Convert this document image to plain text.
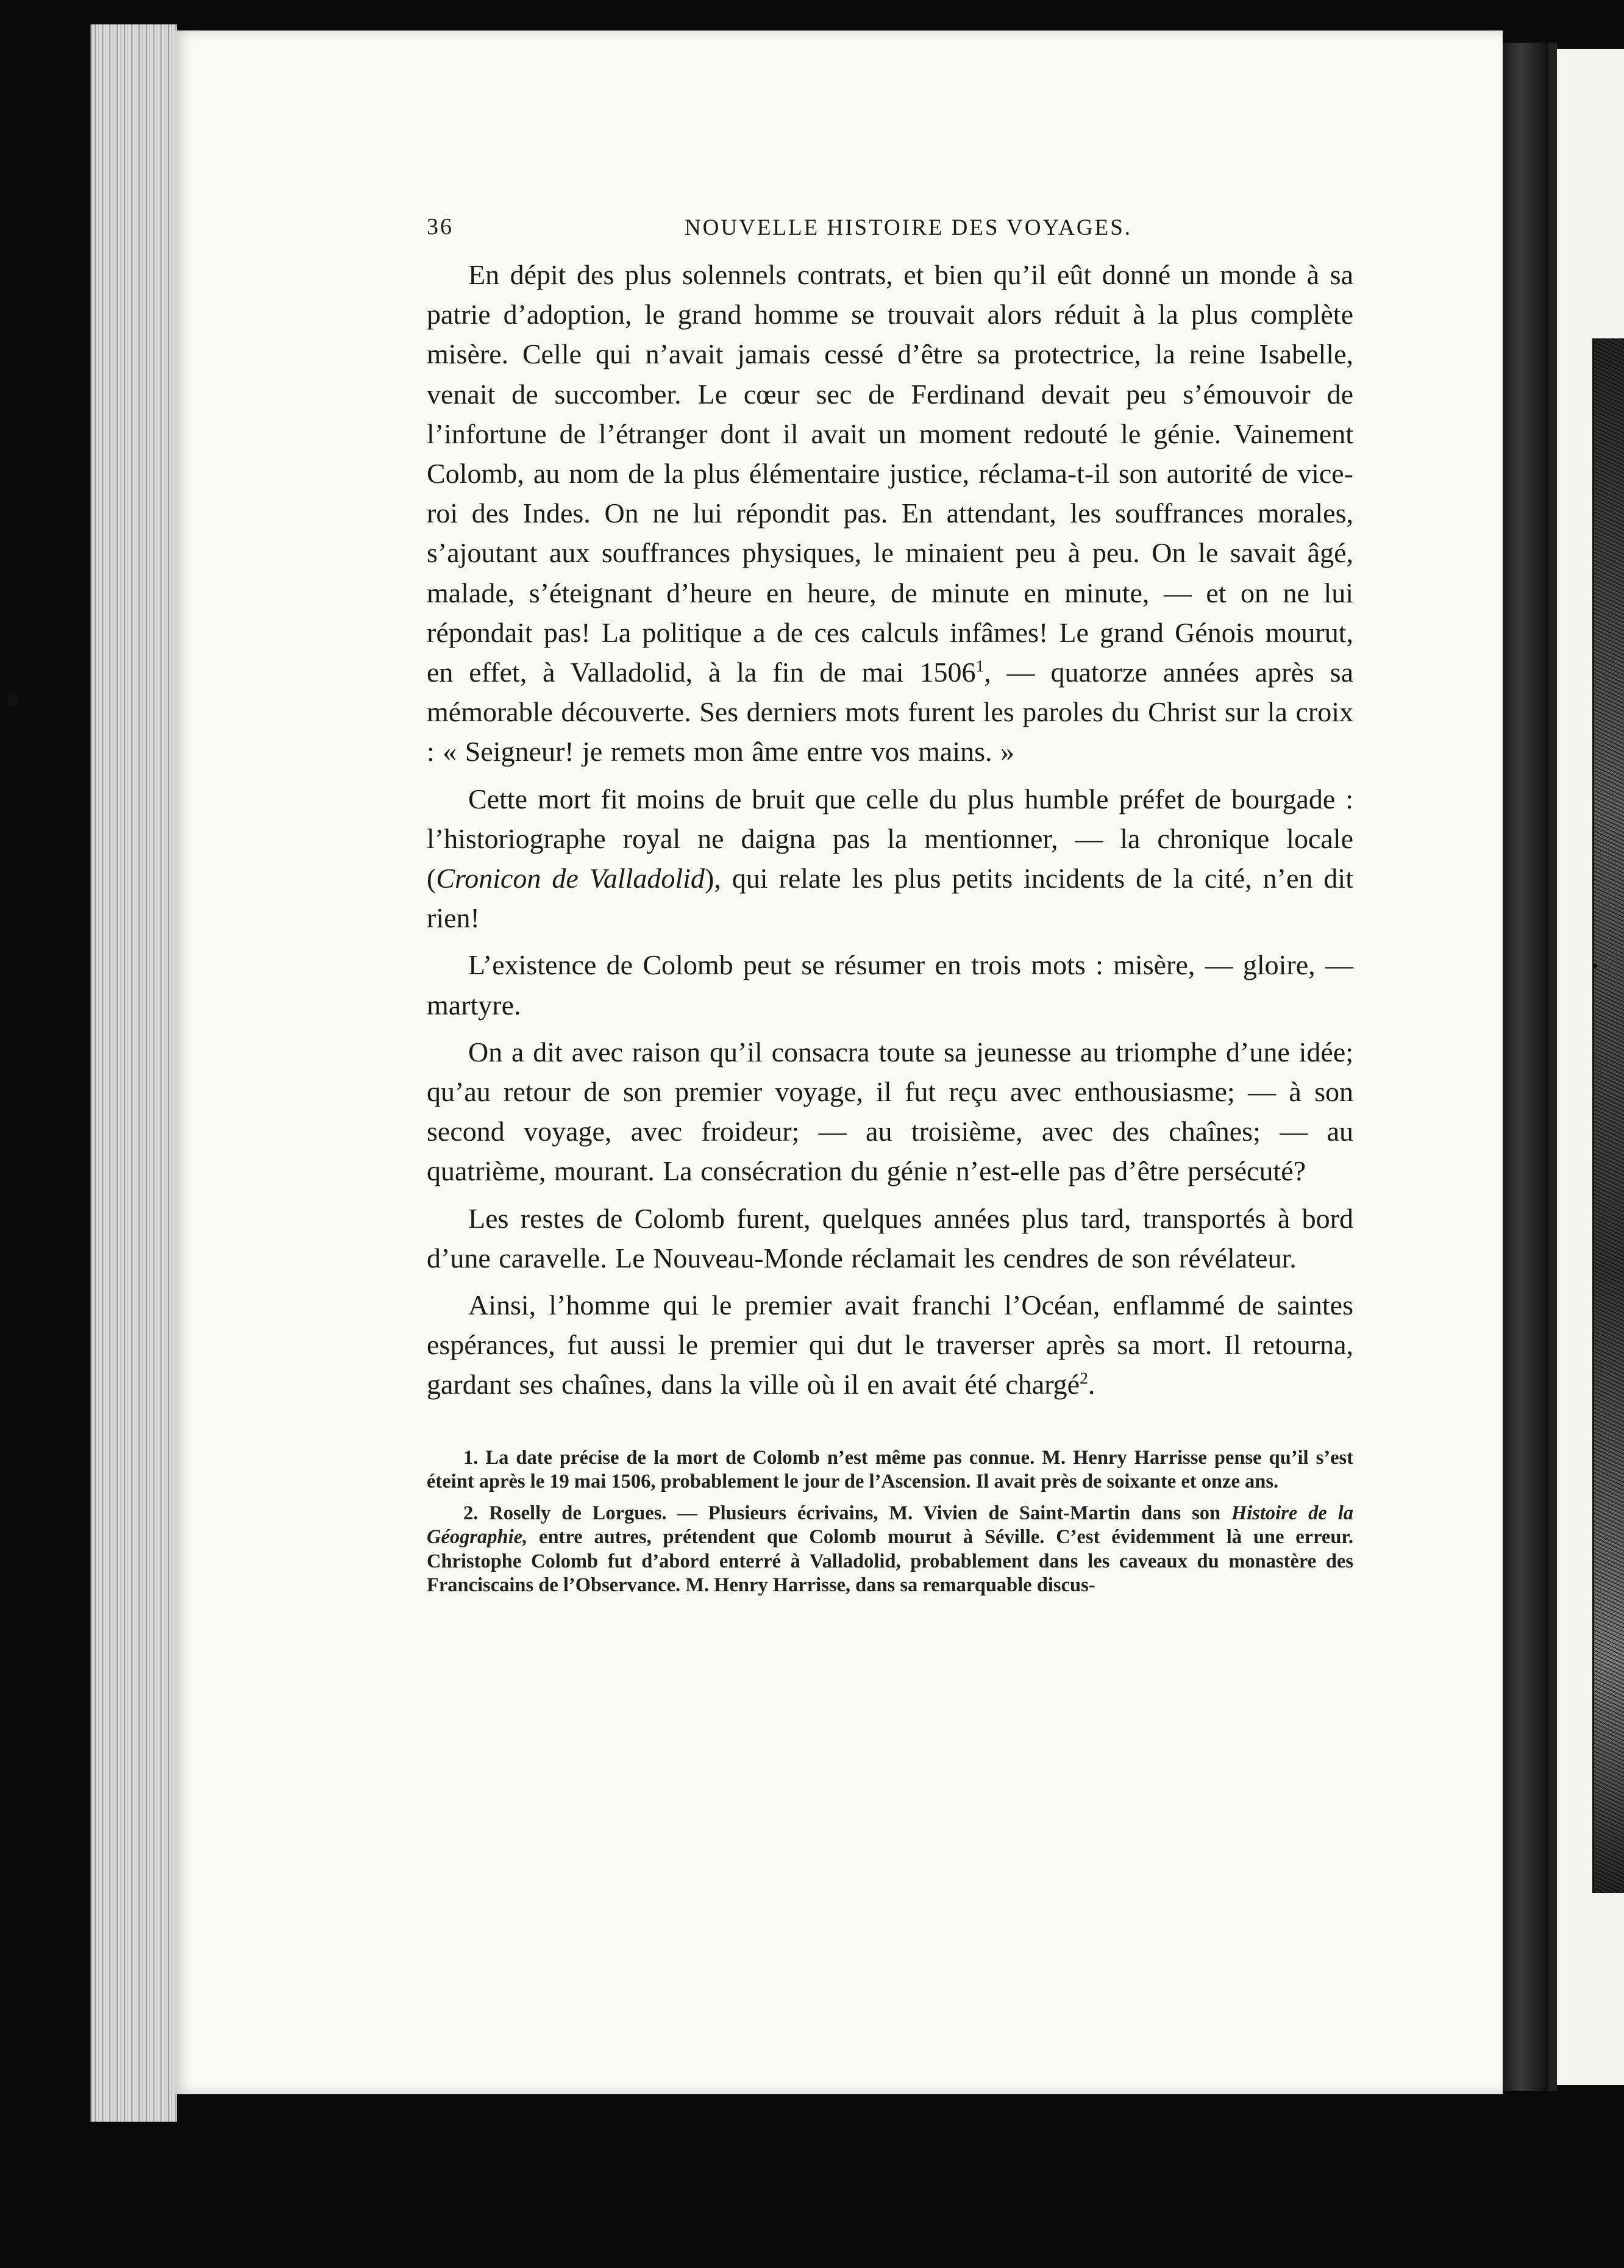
36	NOUVELLE HISTOIRE DES VOYAGES.

En dépit des plus solennels contrats, et bien qu’il eût donné un monde à sa patrie d’adoption, le grand homme se trouvait alors réduit à la plus complète misère. Celle qui n’avait jamais cessé d’être sa protectrice, la reine Isabelle, venait de succomber. Le cœur sec de Ferdinand devait peu s’émouvoir de l’infortune de l’étranger dont il avait un moment redouté le génie. Vainement Colomb, au nom de la plus élémentaire justice, réclama-t-il son autorité de vice-roi des Indes. On ne lui répondit pas. En attendant, les souffrances morales, s’ajoutant aux souffrances physiques, le minaient peu à peu. On le savait âgé, malade, s’éteignant d’heure en heure, de minute en minute, — et on ne lui répondait pas! La politique a de ces calculs infâmes! Le grand Génois mourut, en effet, à Valladolid, à la fin de mai 1506$^1$, — quatorze années après sa mémorable découverte. Ses derniers mots furent les paroles du Christ sur la croix : « Seigneur! je remets mon âme entre vos mains. »

Cette mort fit moins de bruit que celle du plus humble préfet de bourgade : l’historiographe royal ne daigna pas la mentionner, — la chronique locale (Cronicon de Valladolid), qui relate les plus petits incidents de la cité, n’en dit rien!

L’existence de Colomb peut se résumer en trois mots : misère, — gloire, — martyre.

On a dit avec raison qu’il consacra toute sa jeunesse au triomphe d’une idée; qu’au retour de son premier voyage, il fut reçu avec enthousiasme; — à son second voyage, avec froideur; — au troisième, avec des chaînes; — au quatrième, mourant. La consécration du génie n’est-elle pas d’être persécuté?

Les restes de Colomb furent, quelques années plus tard, transportés à bord d’une caravelle. Le Nouveau-Monde réclamait les cendres de son révélateur.

Ainsi, l’homme qui le premier avait franchi l’Océan, enflammé de saintes espérances, fut aussi le premier qui dut le traverser après sa mort. Il retourna, gardant ses chaînes, dans la ville où il en avait été chargé$^2$.

1. La date précise de la mort de Colomb n’est même pas connue. M. Henry Harrisse pense qu’il s’est éteint après le 19 mai 1506, probablement le jour de l’Ascension. Il avait près de soixante et onze ans.

2. Roselly de Lorgues. — Plusieurs écrivains, M. Vivien de Saint-Martin dans son Histoire de la Géographie, entre autres, prétendent que Colomb mourut à Séville. C’est évidemment là une erreur. Christophe Colomb fut d’abord enterré à Valladolid, probablement dans les caveaux du monastère des Franciscains de l’Observance. M. Henry Harrisse, dans sa remarquable discus-
